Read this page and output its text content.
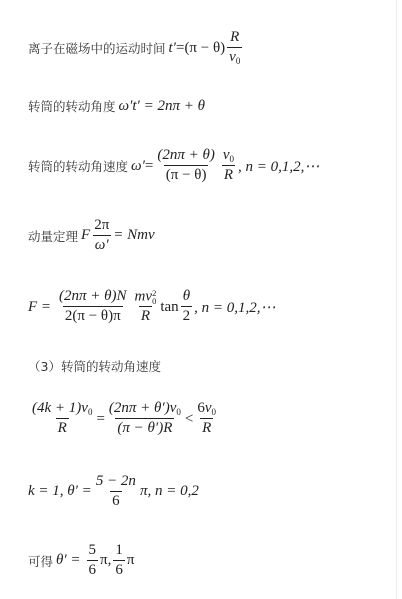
离子在磁场中的运动时间 $t' = (\pi - \theta) \frac{R}{v_0}$
转筒的转动角度 ω′t′ = 2nπ + θ
转筒的转动角速度 $\omega' = \frac{(2n\pi + \theta)}{(\pi - \theta)} \frac{v_0}{R}$ , n = 0,1,2,⋯
动量定理 F $\frac{2\pi}{\omega'}$ = Nmv
$F = \frac{(2n\pi + \theta)N}{2(\pi - \theta)\pi}$ mv 2
0
R $\tan \frac{\theta}{2}$ , n = 0,1,2,⋯
（3）转筒的转动角速度
$\frac{(4k + 1)v_0}{R} = \frac{(2n\pi + \theta')v_0}{(\pi - \theta')R} < \frac{6v_0}{R}$
k = 1, $\theta' = \frac{5 - 2n}{6} \pi$, n = 0,2
可得 $\theta' = \frac{5}{6} \pi$, $\frac{1}{6}$ π
